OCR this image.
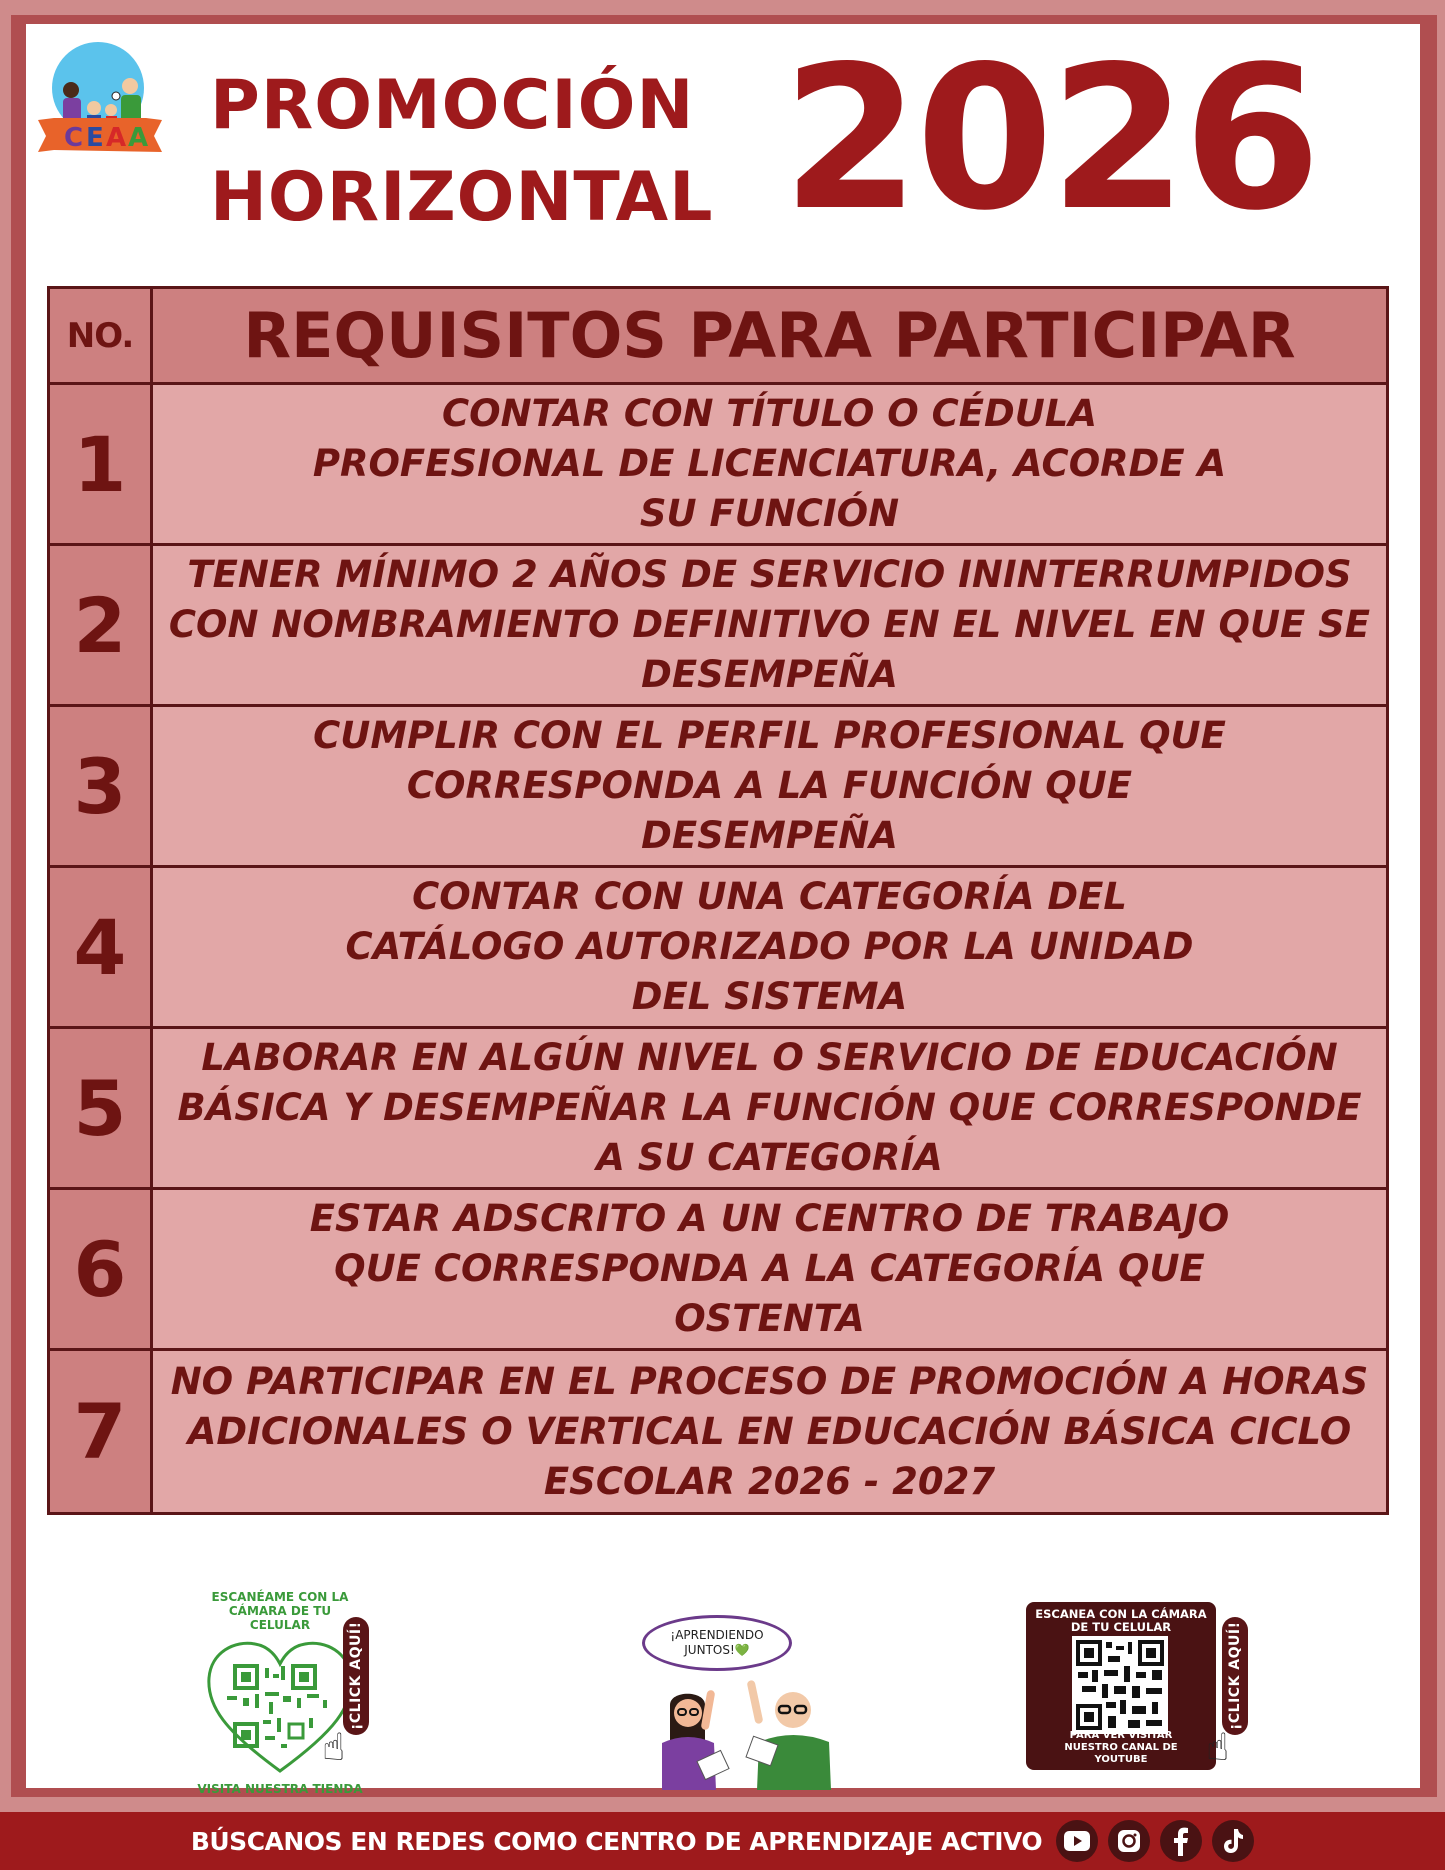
C E A A PROMOCIÓN
HORIZONTAL 2026
NO.	REQUISITOS PARA PARTICIPAR
1
CONTAR CON TÍTULO O CÉDULA PROFESIONAL DE LICENCIATURA, ACORDE A SU FUNCIÓN
2
TENER MÍNIMO 2 AÑOS DE SERVICIO ININTERRUMPIDOS CON NOMBRAMIENTO DEFINITIVO EN EL NIVEL EN QUE SE DESEMPEÑA
3
CUMPLIR CON EL PERFIL PROFESIONAL QUE CORRESPONDA A LA FUNCIÓN QUE DESEMPEÑA
4
CONTAR CON UNA CATEGORÍA DEL CATÁLOGO AUTORIZADO POR LA UNIDAD DEL SISTEMA
5
LABORAR EN ALGÚN NIVEL O SERVICIO DE EDUCACIÓN BÁSICA Y DESEMPEÑAR LA FUNCIÓN QUE CORRESPONDE A SU CATEGORÍA
6
ESTAR ADSCRITO A UN CENTRO DE TRABAJO QUE CORRESPONDA A LA CATEGORÍA QUE OSTENTA
7
NO PARTICIPAR EN EL PROCESO DE PROMOCIÓN A HORAS ADICIONALES O VERTICAL EN EDUCACIÓN BÁSICA CICLO ESCOLAR 2026 - 2027
ESCANÉAME CON LA CÁMARA DE TU CELULAR
VISITA NUESTRA TIENDA
¡CLICK AQUÍ!
☝
¡APRENDIENDO JUNTOS!💚
ESCANEA CON LA CÁMARA DE TU CELULAR
PARA VER VISITAR NUESTRO CANAL DE YOUTUBE
¡CLICK AQUÍ!
☝
BÚSCANOS EN REDES COMO CENTRO DE APRENDIZAJE ACTIVO
